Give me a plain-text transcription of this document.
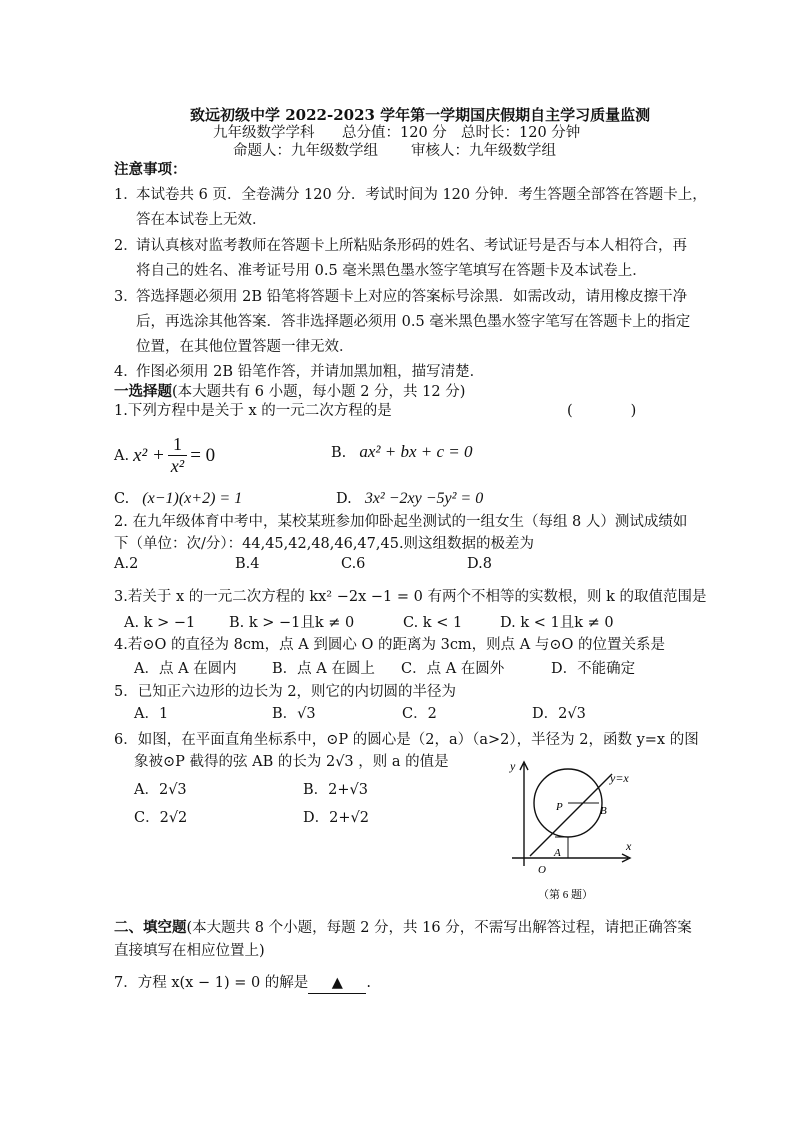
致远初级中学 2022-2023 学年第一学期国庆假期自主学习质量监测
九年级数学学科 总分值：120 分 总时长：120 分钟
命题人：九年级数学组 审核人：九年级数学组
注意事项：
1．
本试卷共 6 页．全卷满分 120 分．考试时间为 120 分钟．考生答题全部答在答题卡上，
答在本试卷上无效．
2．
请认真核对监考教师在答题卡上所粘贴条形码的姓名、考试证号是否与本人相符合，再
将自己的姓名、准考证号用 0.5 毫米黑色墨水签字笔填写在答题卡及本试卷上．
3．
答选择题必须用 2B 铅笔将答题卡上对应的答案标号涂黑．如需改动，请用橡皮擦干净
后，再选涂其他答案．答非选择题必须用 0.5 毫米黑色墨水签字笔写在答题卡上的指定
位置，在其他位置答题一律无效．
4．
作图必须用 2B 铅笔作答，并请加黑加粗，描写清楚．
一选择题(本大题共有 6 小题，每小题 2 分，共 12 分)
1.下列方程中是关于 x 的一元二次方程的是	(　　　　)
A. $x^2 + \frac{1}{\text{x²}} = 0$	B. ax² + bx + c = 0
C. (x−1)(x+2) = 1	D. 3x² −2xy −5y² = 0
2. 在九年级体育中考中，某校某班参加仰卧起坐测试的一组女生（每组 8 人）测试成绩如
下（单位：次/分）：44,45,42,48,46,47,45.则这组数据的极差为
A.2	B.4	C.6	D.8
3.若关于 x 的一元二次方程的 kx² −2x −1 = 0 有两个不相等的实数根，则 k 的取值范围是
A. k > −1 B. k > −1且k ≠ 0	C. k < 1	D. k < 1且k ≠ 0
4.若⊙O 的直径为 8cm，点 A 到圆心 O 的距离为 3cm，则点 A 与⊙O 的位置关系是
A．点 A 在圆内 B．点 A 在圆上 C．点 A 在圆外	D．不能确定
5．已知正六边形的边长为 2，则它的内切圆的半径为
A．1	B．√3	C．2	D．2√3
6．如图，在平面直角坐标系中，⊙P 的圆心是（2，a）（a>2），半径为 2，函数 y=x 的图
象被⊙P 截得的弦 AB 的长为 2√3 ，则 a 的值是
A．2√3	B．2+√3
C．2√2	D．2+√2
y
x
y=x
P	B
A
O
（第 6 题）
二、填空题(本大题共 8 个小题，每题 2 分，共 16 分，不需写出解答过程，请把正确答案
直接填写在相应位置上)
7．方程 x(x − 1) = 0 的解是 ▲ .
